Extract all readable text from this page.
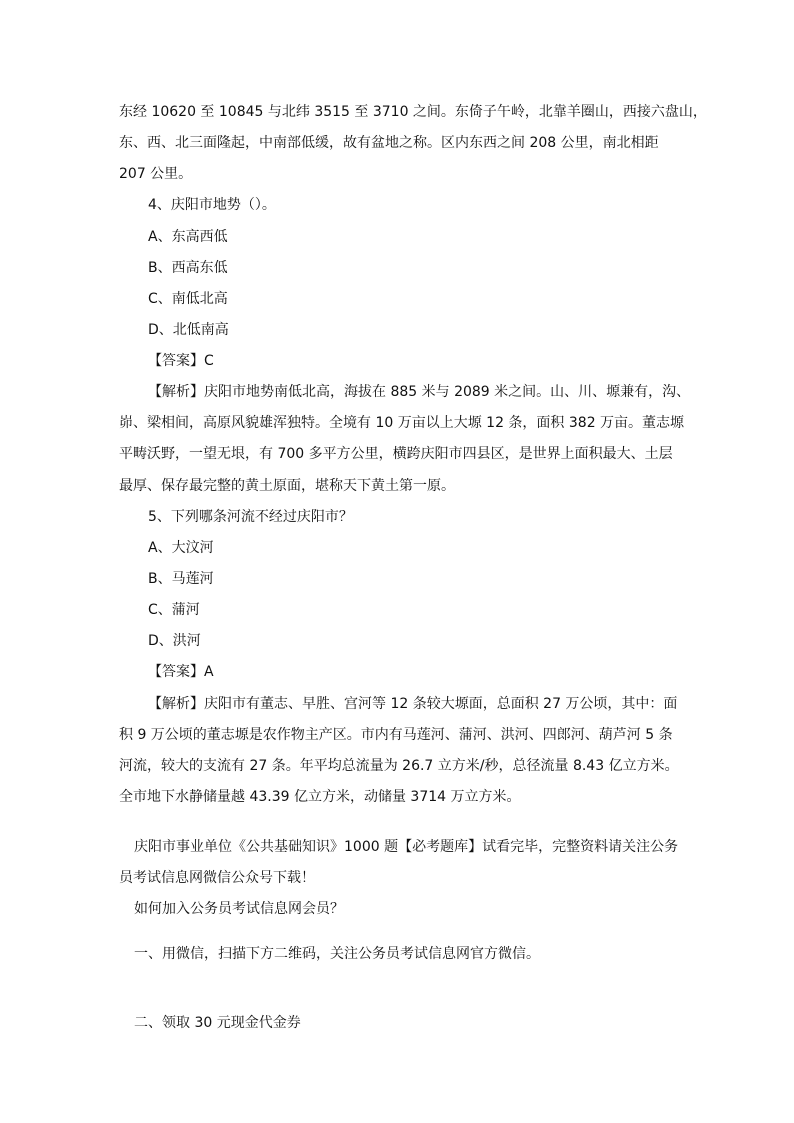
东经 10620 至 10845 与北纬 3515 至 3710 之间。东倚子午岭，北靠羊圈山，西接六盘山，
东、西、北三面隆起，中南部低缓，故有盆地之称。区内东西之间 208 公里，南北相距
207 公里。
4、庆阳市地势（）。
A、东高西低
B、西高东低
C、南低北高
D、北低南高
【答案】C
【解析】庆阳市地势南低北高，海拔在 885 米与 2089 米之间。山、川、塬兼有，沟、
峁、梁相间，高原风貌雄浑独特。全境有 10 万亩以上大塬 12 条，面积 382 万亩。董志塬
平畴沃野，一望无垠，有 700 多平方公里，横跨庆阳市四县区，是世界上面积最大、土层
最厚、保存最完整的黄土原面，堪称天下黄土第一原。
5、下列哪条河流不经过庆阳市？
A、大汶河
B、马莲河
C、蒲河
D、洪河
【答案】A
【解析】庆阳市有董志、早胜、宫河等 12 条较大塬面，总面积 27 万公顷，其中：面
积 9 万公顷的董志塬是农作物主产区。市内有马莲河、蒲河、洪河、四郎河、葫芦河 5 条
河流，较大的支流有 27 条。年平均总流量为 26.7 立方米/秒，总径流量 8.43 亿立方米。
全市地下水静储量越 43.39 亿立方米，动储量 3714 万立方米。
庆阳市事业单位《公共基础知识》1000 题【必考题库】试看完毕，完整资料请关注公务
员考试信息网微信公众号下载！
如何加入公务员考试信息网会员？
一、用微信，扫描下方二维码，关注公务员考试信息网官方微信。
二、领取 30 元现金代金券
